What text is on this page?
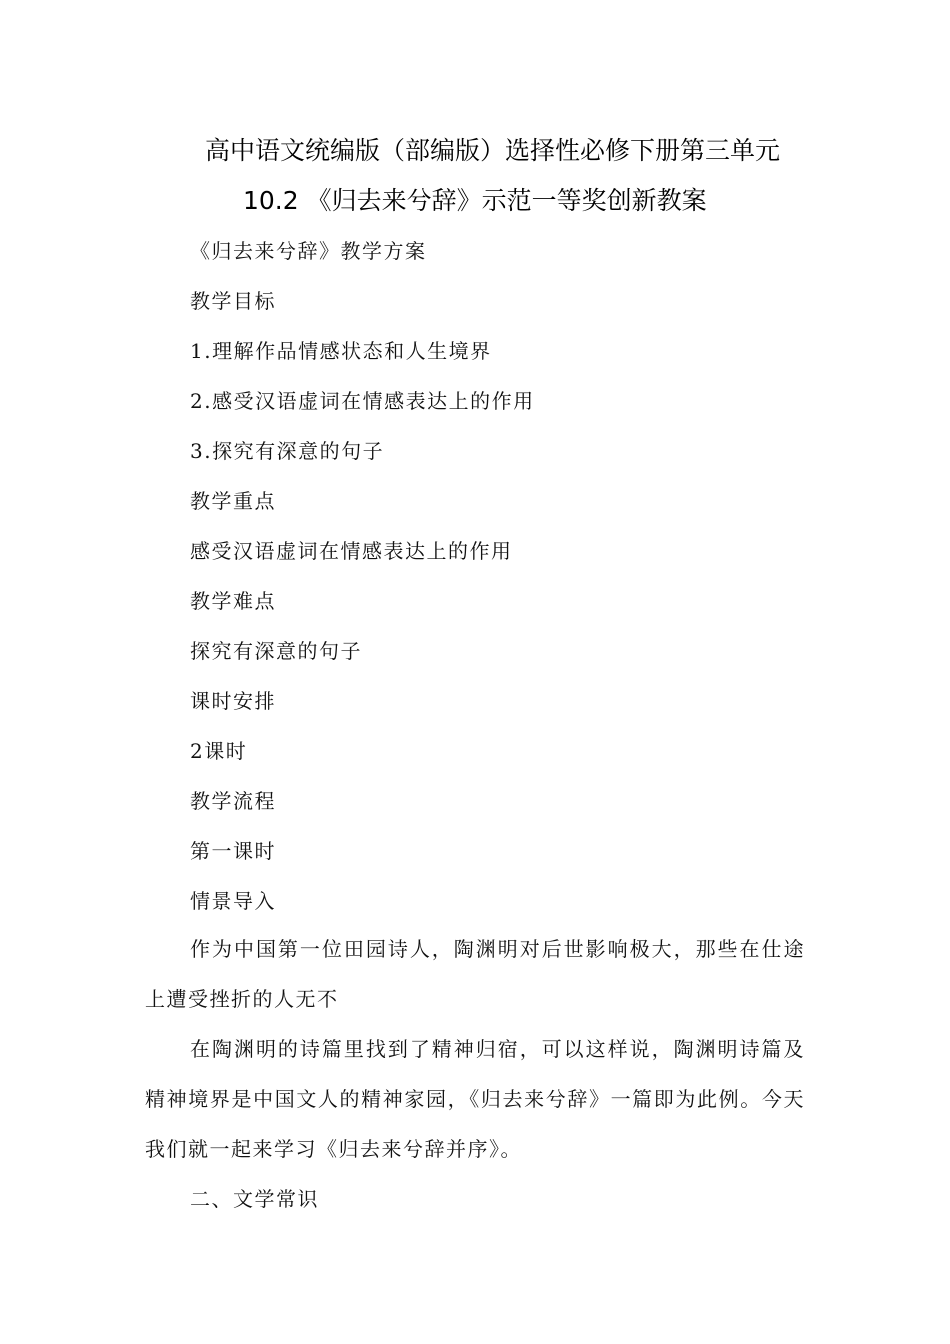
高中语文统编版（部编版）选择性必修下册第三单元
10.2 《归去来兮辞》示范一等奖创新教案
《归去来兮辞》教学方案
教学目标
1.理解作品情感状态和人生境界
2.感受汉语虚词在情感表达上的作用
3.探究有深意的句子
教学重点
感受汉语虚词在情感表达上的作用
教学难点
探究有深意的句子
课时安排
2课时
教学流程
第一课时
情景导入
作为中国第一位田园诗人，陶渊明对后世影响极大，那些在仕途上遭受挫折的人无不
在陶渊明的诗篇里找到了精神归宿，可以这样说，陶渊明诗篇及精神境界是中国文人的精神家园，《归去来兮辞》一篇即为此例。今天我们就一起来学习《归去来兮辞并序》。
二、文学常识
